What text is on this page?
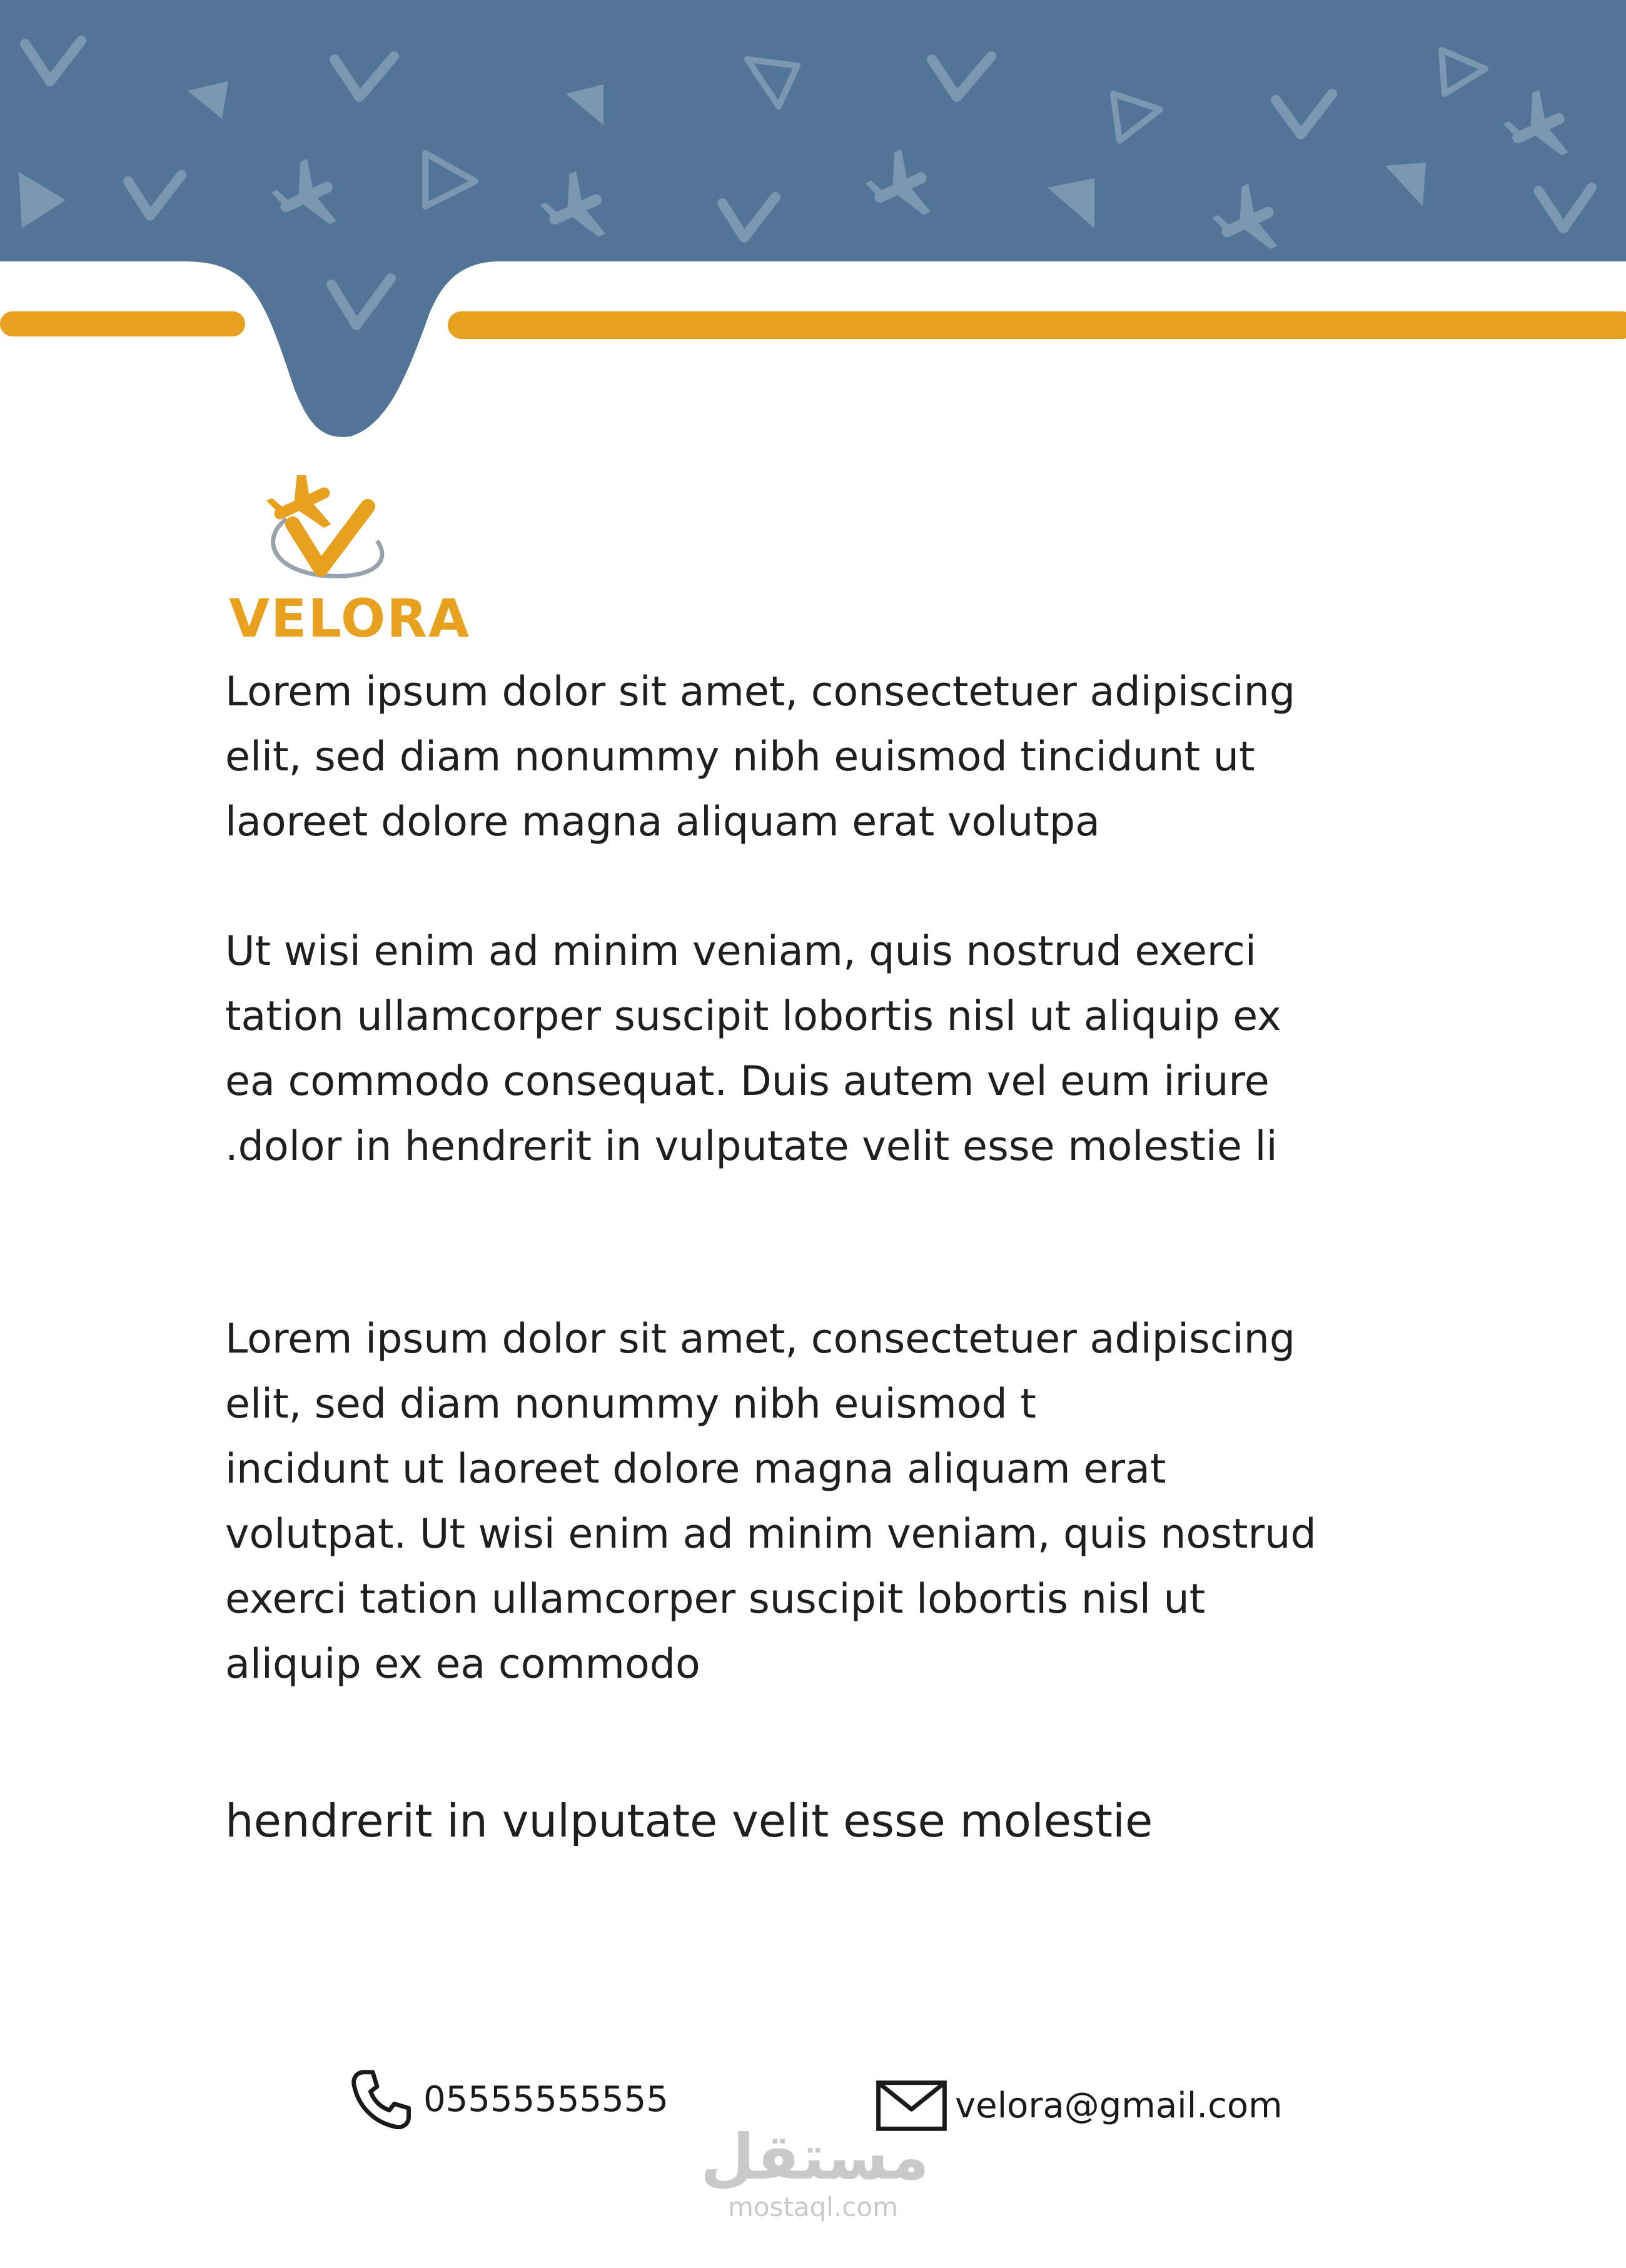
VELORA

Lorem ipsum dolor sit amet, consectetuer adipiscing
elit, sed diam nonummy nibh euismod tincidunt ut
laoreet dolore magna aliquam erat volutpa

Ut wisi enim ad minim veniam, quis nostrud exerci
tation ullamcorper suscipit lobortis nisl ut aliquip ex
ea commodo consequat. Duis autem vel eum iriure
.dolor in hendrerit in vulputate velit esse molestie li

Lorem ipsum dolor sit amet, consectetuer adipiscing
elit, sed diam nonummy nibh euismod t
incidunt ut laoreet dolore magna aliquam erat
volutpat. Ut wisi enim ad minim veniam, quis nostrud
exerci tation ullamcorper suscipit lobortis nisl ut
aliquip ex ea commodo

hendrerit in vulputate velit esse molestie

05555555555	velora@gmail.com
مستقل
mostaql.com
